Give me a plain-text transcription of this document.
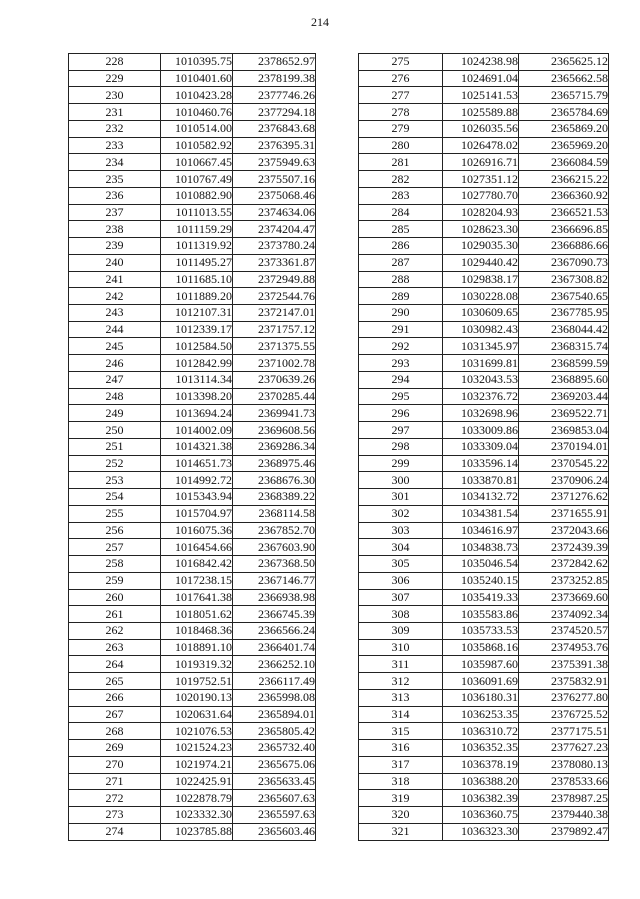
214
228	1010395.75	2378652.97
229	1010401.60	2378199.38
230	1010423.28	2377746.26
231	1010460.76	2377294.18
232	1010514.00	2376843.68
233	1010582.92	2376395.31
234	1010667.45	2375949.63
235	1010767.49	2375507.16
236	1010882.90	2375068.46
237	1011013.55	2374634.06
238	1011159.29	2374204.47
239	1011319.92	2373780.24
240	1011495.27	2373361.87
241	1011685.10	2372949.88
242	1011889.20	2372544.76
243	1012107.31	2372147.01
244	1012339.17	2371757.12
245	1012584.50	2371375.55
246	1012842.99	2371002.78
247	1013114.34	2370639.26
248	1013398.20	2370285.44
249	1013694.24	2369941.73
250	1014002.09	2369608.56
251	1014321.38	2369286.34
252	1014651.73	2368975.46
253	1014992.72	2368676.30
254	1015343.94	2368389.22
255	1015704.97	2368114.58
256	1016075.36	2367852.70
257	1016454.66	2367603.90
258	1016842.42	2367368.50
259	1017238.15	2367146.77
260	1017641.38	2366938.98
261	1018051.62	2366745.39
262	1018468.36	2366566.24
263	1018891.10	2366401.74
264	1019319.32	2366252.10
265	1019752.51	2366117.49
266	1020190.13	2365998.08
267	1020631.64	2365894.01
268	1021076.53	2365805.42
269	1021524.23	2365732.40
270	1021974.21	2365675.06
271	1022425.91	2365633.45
272	1022878.79	2365607.63
273	1023332.30	2365597.63
274	1023785.88	2365603.46
275	1024238.98	2365625.12
276	1024691.04	2365662.58
277	1025141.53	2365715.79
278	1025589.88	2365784.69
279	1026035.56	2365869.20
280	1026478.02	2365969.20
281	1026916.71	2366084.59
282	1027351.12	2366215.22
283	1027780.70	2366360.92
284	1028204.93	2366521.53
285	1028623.30	2366696.85
286	1029035.30	2366886.66
287	1029440.42	2367090.73
288	1029838.17	2367308.82
289	1030228.08	2367540.65
290	1030609.65	2367785.95
291	1030982.43	2368044.42
292	1031345.97	2368315.74
293	1031699.81	2368599.59
294	1032043.53	2368895.60
295	1032376.72	2369203.44
296	1032698.96	2369522.71
297	1033009.86	2369853.04
298	1033309.04	2370194.01
299	1033596.14	2370545.22
300	1033870.81	2370906.24
301	1034132.72	2371276.62
302	1034381.54	2371655.91
303	1034616.97	2372043.66
304	1034838.73	2372439.39
305	1035046.54	2372842.62
306	1035240.15	2373252.85
307	1035419.33	2373669.60
308	1035583.86	2374092.34
309	1035733.53	2374520.57
310	1035868.16	2374953.76
311	1035987.60	2375391.38
312	1036091.69	2375832.91
313	1036180.31	2376277.80
314	1036253.35	2376725.52
315	1036310.72	2377175.51
316	1036352.35	2377627.23
317	1036378.19	2378080.13
318	1036388.20	2378533.66
319	1036382.39	2378987.25
320	1036360.75	2379440.38
321	1036323.30	2379892.47
